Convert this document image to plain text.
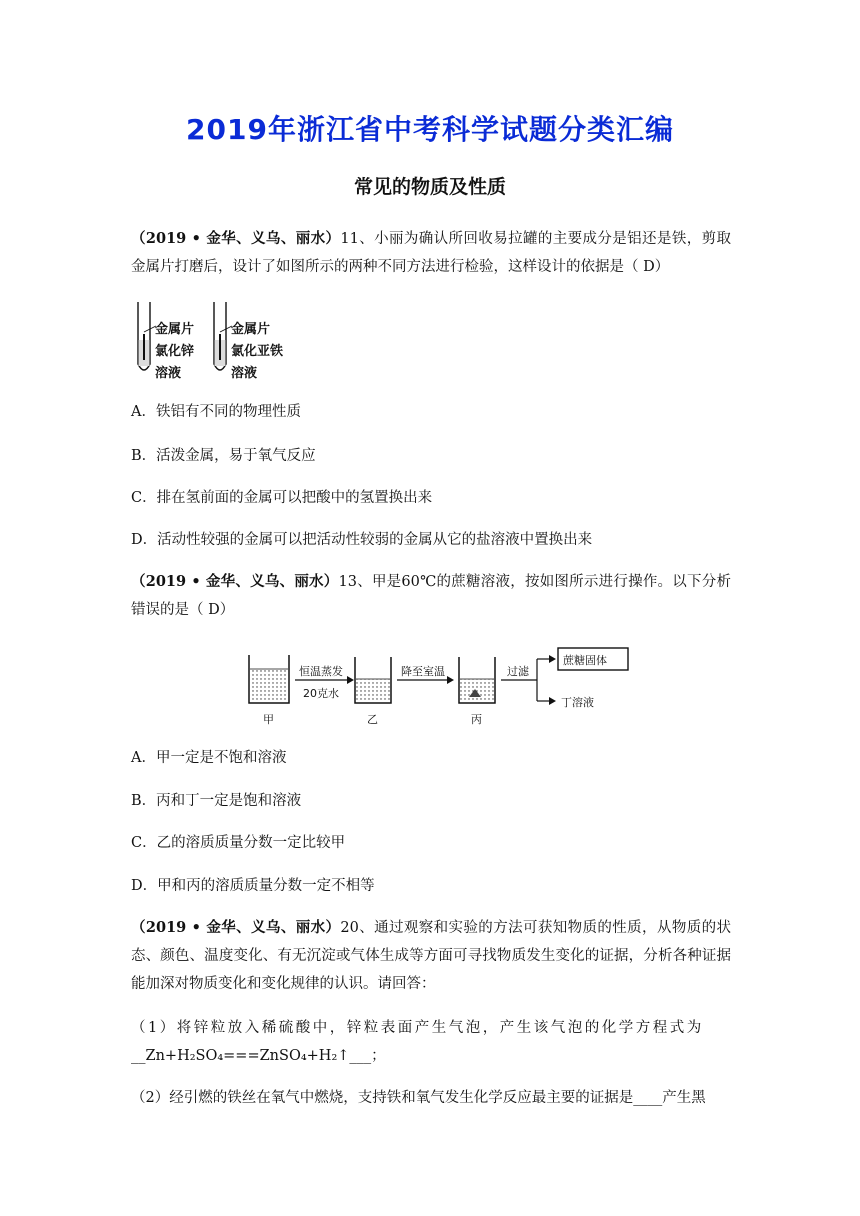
2019年浙江省中考科学试题分类汇编
常见的物质及性质
（2019 • 金华、义乌、丽水）11、小丽为确认所回收易拉罐的主要成分是铝还是铁，剪取金属片打磨后，设计了如图所示的两种不同方法进行检验，这样设计的依据是（ D）
金属片
氯化锌
溶液
金属片
氯化亚铁
溶液
A．铁铝有不同的物理性质
B．活泼金属，易于氧气反应
C．排在氢前面的金属可以把酸中的氢置换出来
D．活动性较强的金属可以把活动性较弱的金属从它的盐溶液中置换出来
（2019 • 金华、义乌、丽水）13、甲是60℃的蔗糖溶液，按如图所示进行操作。以下分析错误的是（ D）
恒温蒸发
20克水
降至室温	过滤
蔗糖固体
丁溶液
甲	乙	丙
A．甲一定是不饱和溶液
B．丙和丁一定是饱和溶液
C．乙的溶质质量分数一定比较甲
D．甲和丙的溶质质量分数一定不相等
（2019 • 金华、义乌、丽水）20、通过观察和实验的方法可获知物质的性质，从物质的状态、颜色、温度变化、有无沉淀或气体生成等方面可寻找物质发生变化的证据，分析各种证据能加深对物质变化和变化规律的认识。请回答：
（1）将锌粒放入稀硫酸中，锌粒表面产生气泡，产生该气泡的化学方程式为
__Zn+H₂SO₄===ZnSO₄+H₂↑___；
（2）经引燃的铁丝在氧气中燃烧，支持铁和氧气发生化学反应最主要的证据是____产生黑
